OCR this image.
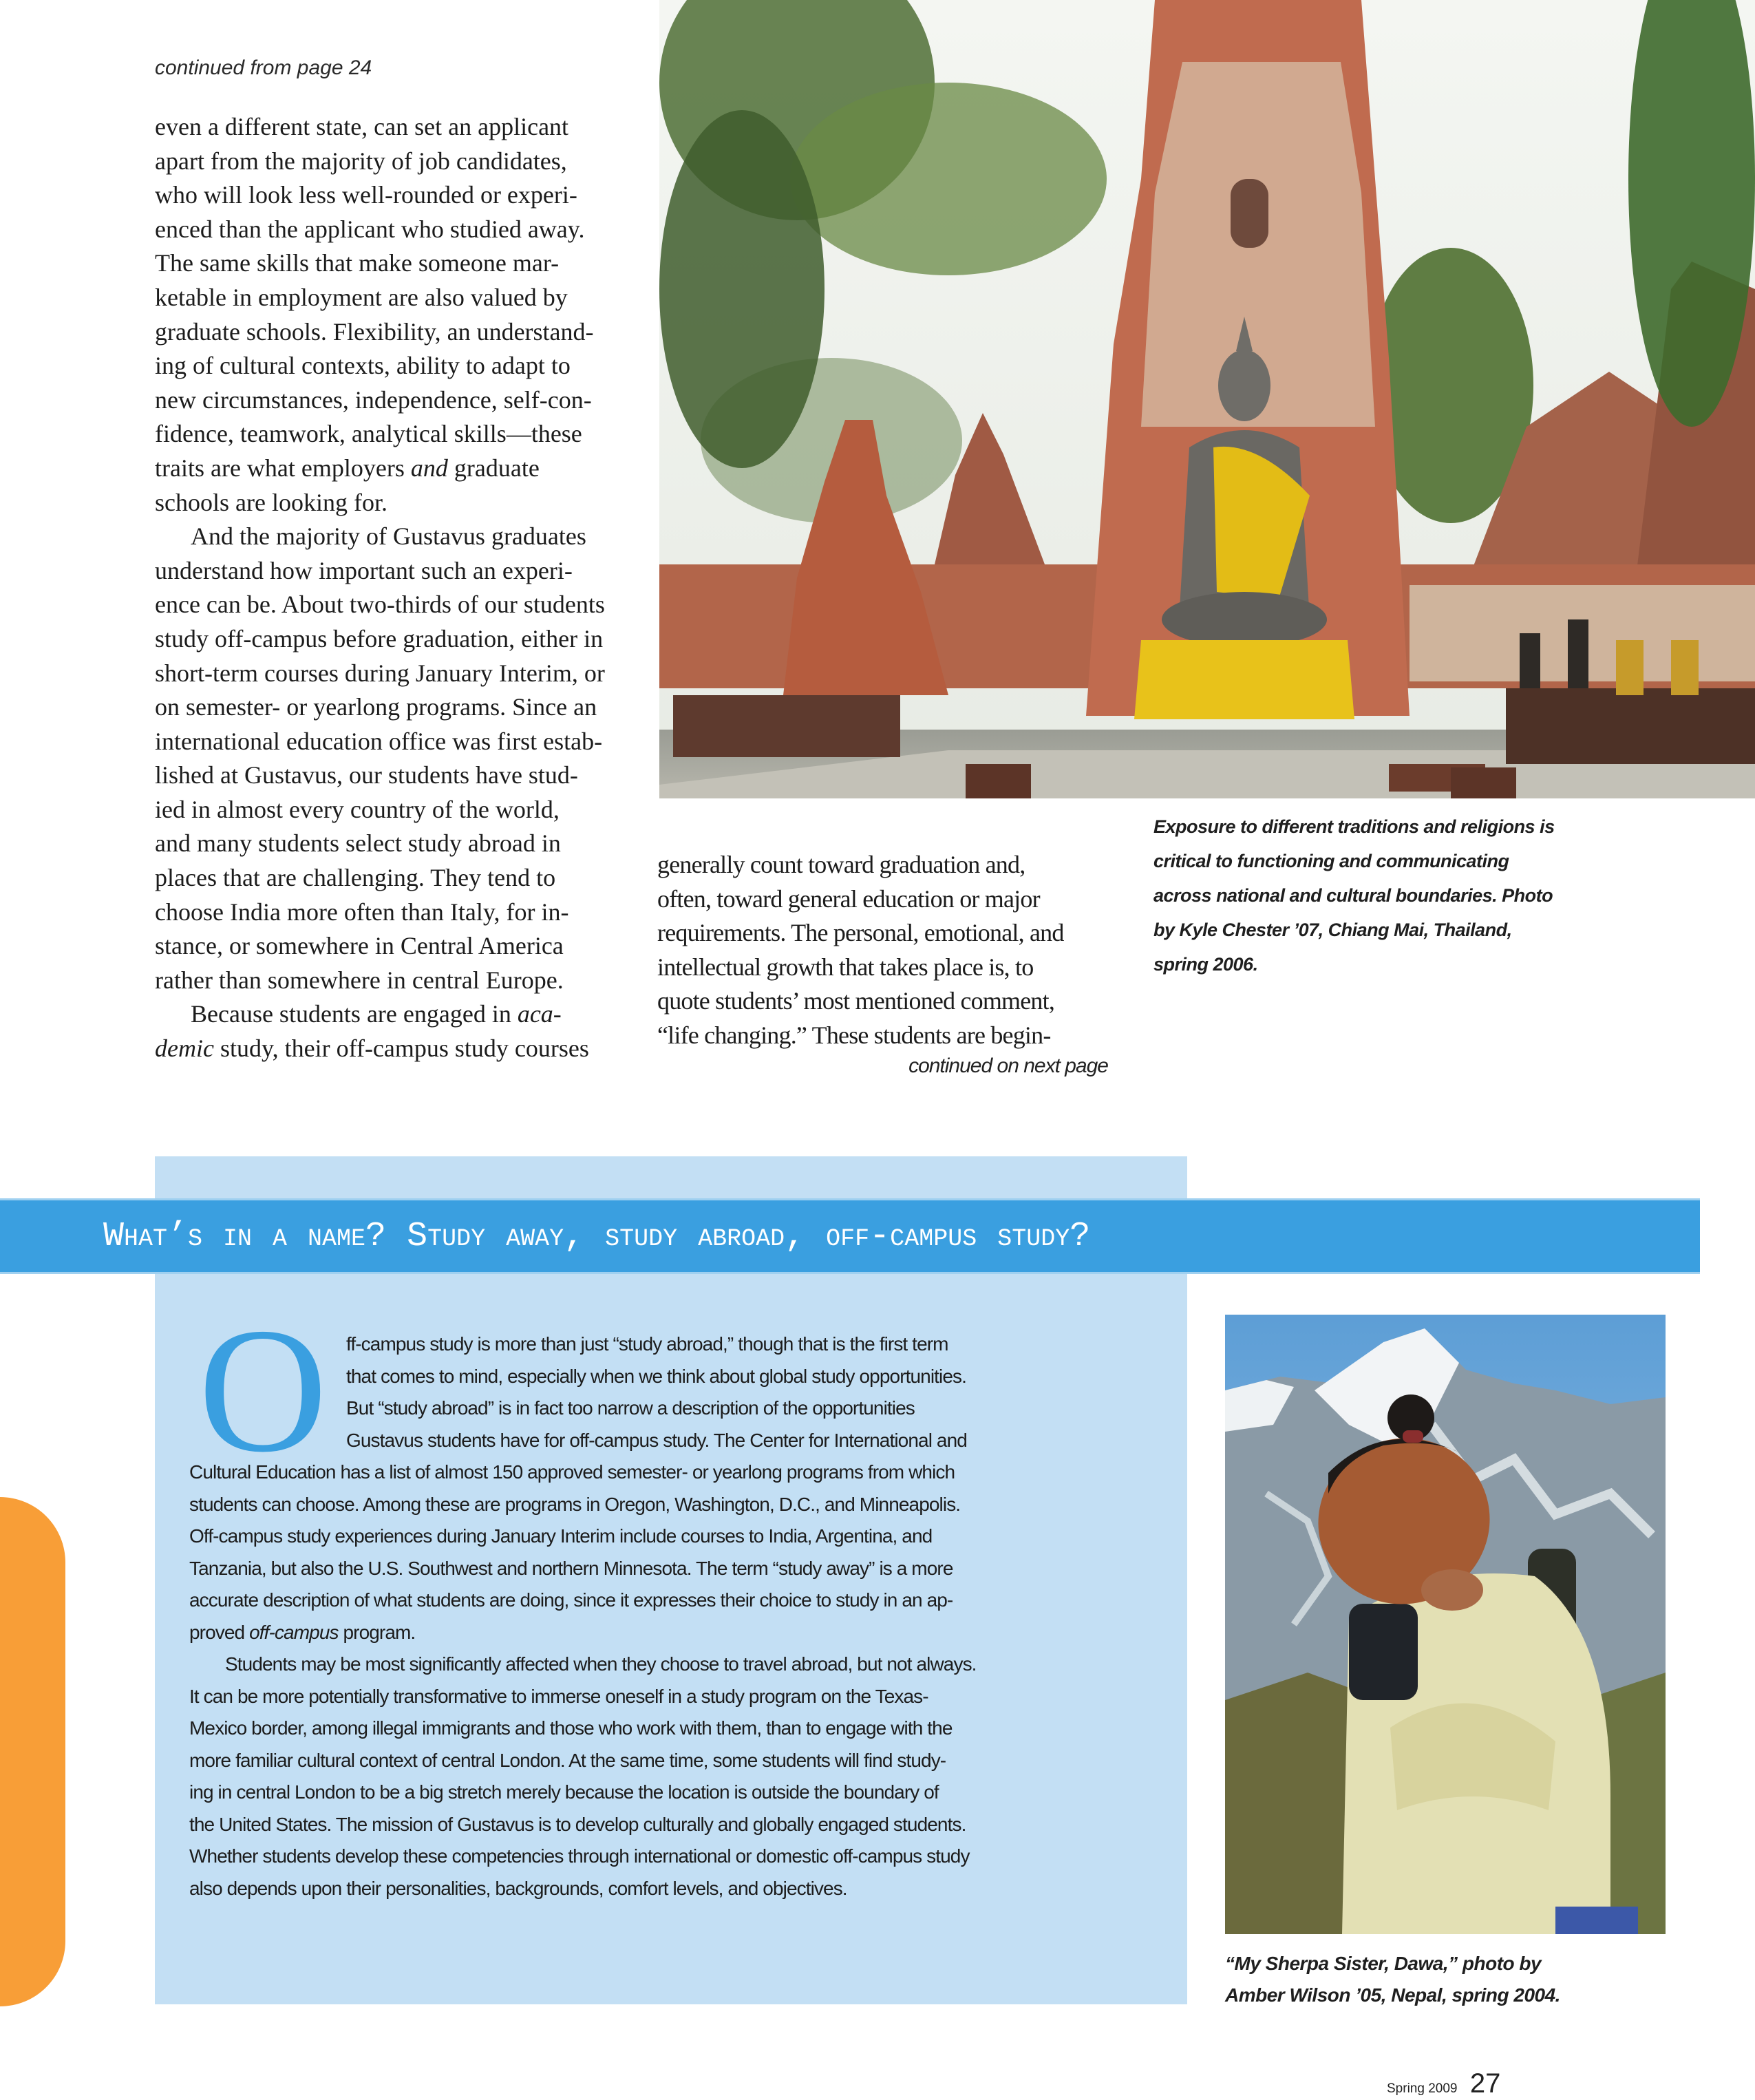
continued from page 24

even a different state, can set an applicant
apart from the majority of job candidates,
who will look less well-rounded or experi-
enced than the applicant who studied away.
The same skills that make someone mar-
ketable in employment are also valued by
graduate schools. Flexibility, an understand-
ing of cultural contexts, ability to adapt to
new circumstances, independence, self-con-
fidence, teamwork, analytical skills—these
traits are what employers and graduate
schools are looking for.

And the majority of Gustavus graduates
understand how important such an experi-
ence can be. About two-thirds of our students
study off-campus before graduation, either in
short-term courses during January Interim, or
on semester- or yearlong programs. Since an
international education office was first estab-
lished at Gustavus, our students have stud-
ied in almost every country of the world,
and many students select study abroad in
places that are challenging. They tend to
choose India more often than Italy, for in-
stance, or somewhere in Central America
rather than somewhere in central Europe.

Because students are engaged in aca-
demic study, their off-campus study courses

generally count toward graduation and,
often, toward general education or major
requirements. The personal, emotional, and
intellectual growth that takes place is, to
quote students’ most mentioned comment,
“life changing.” These students are begin-
continued on next page
Exposure to different traditions and religions is
critical to functioning and communicating
across national and cultural boundaries. Photo
by Kyle Chester ’07, Chiang Mai, Thailand,
spring 2006.
What’s in a name? Study away, study abroad, off-campus study?
O ff-campus study is more than just “study abroad,” though that is the first term
that comes to mind, especially when we think about global study opportunities.
But “study abroad” is in fact too narrow a description of the opportunities
Gustavus students have for off-campus study. The Center for International and
Cultural Education has a list of almost 150 approved semester- or yearlong programs from which
students can choose. Among these are programs in Oregon, Washington, D.C., and Minneapolis.
Off-campus study experiences during January Interim include courses to India, Argentina, and
Tanzania, but also the U.S. Southwest and northern Minnesota. The term “study away” is a more
accurate description of what students are doing, since it expresses their choice to study in an ap-
proved off-campus program.
Students may be most significantly affected when they choose to travel abroad, but not always.
It can be more potentially transformative to immerse oneself in a study program on the Texas-
Mexico border, among illegal immigrants and those who work with them, than to engage with the
more familiar cultural context of central London. At the same time, some students will find study-
ing in central London to be a big stretch merely because the location is outside the boundary of
the United States. The mission of Gustavus is to develop culturally and globally engaged students.
Whether students develop these competencies through international or domestic off-campus study
also depends upon their personalities, backgrounds, comfort levels, and objectives.
“My Sherpa Sister, Dawa,” photo by
Amber Wilson ’05, Nepal, spring 2004.
Spring 2009 27
